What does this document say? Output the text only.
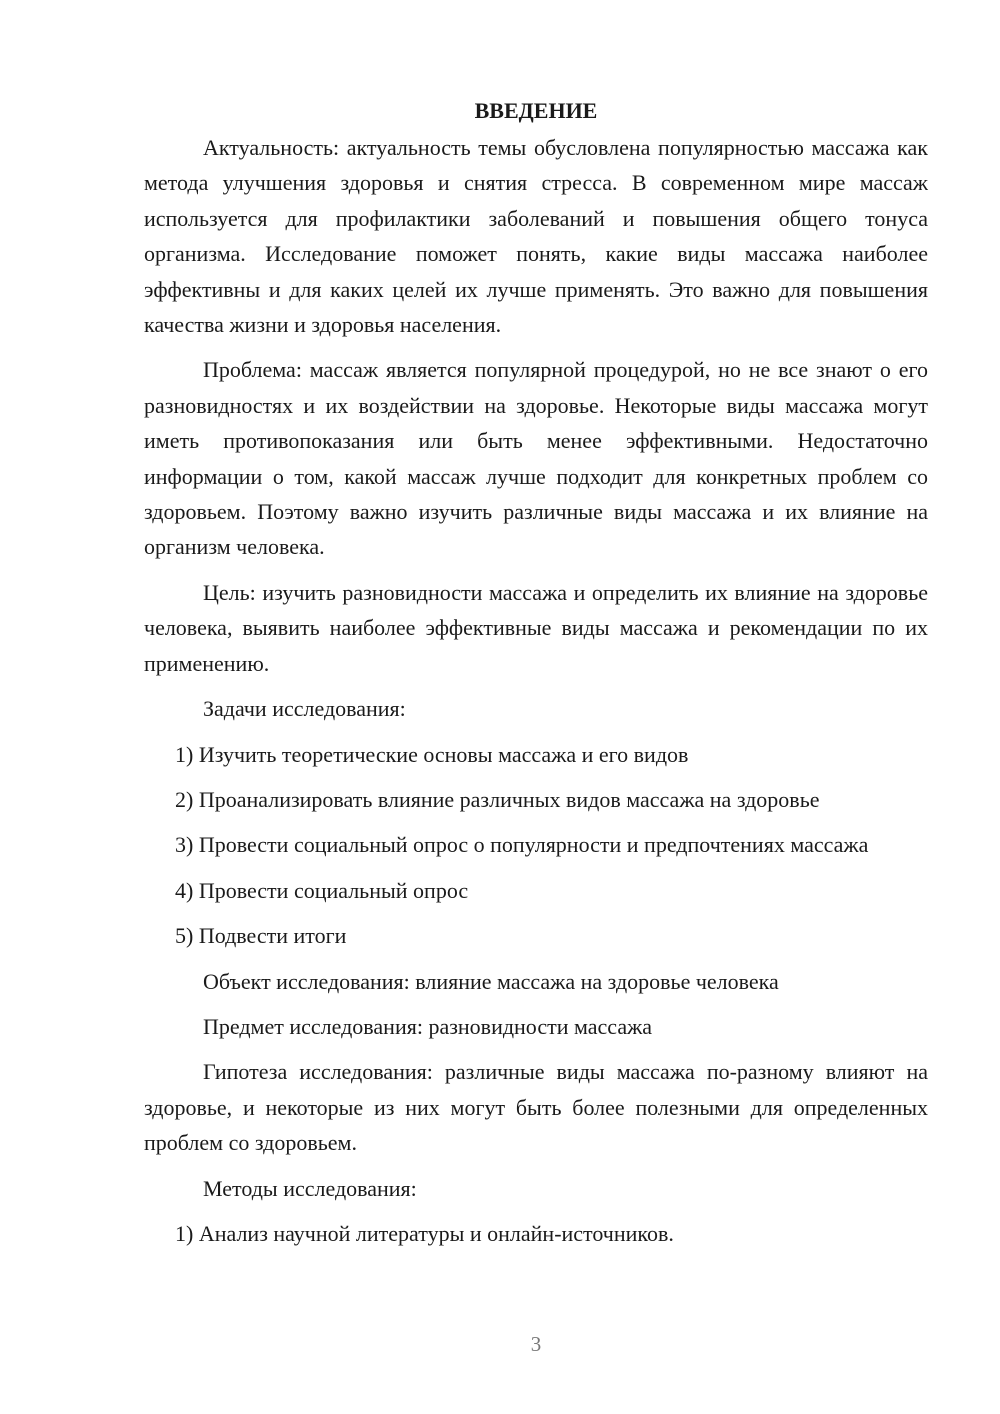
ВВЕДЕНИЕ

Актуальность: актуальность темы обусловлена популярностью массажа как метода улучшения здоровья и снятия стресса. В современном мире массаж используется для профилактики заболеваний и повышения общего тонуса организма. Исследование поможет понять, какие виды массажа наиболее эффективны и для каких целей их лучше применять. Это важно для повышения качества жизни и здоровья населения.

Проблема: массаж является популярной процедурой, но не все знают о его разновидностях и их воздействии на здоровье. Некоторые виды массажа могут иметь противопоказания или быть менее эффективными. Недостаточно информации о том, какой массаж лучше подходит для конкретных проблем со здоровьем. Поэтому важно изучить различные виды массажа и их влияние на организм человека.

Цель: изучить разновидности массажа и определить их влияние на здоровье человека, выявить наиболее эффективные виды массажа и рекомендации по их применению.

Задачи исследования:

1) Изучить теоретические основы массажа и его видов

2) Проанализировать влияние различных видов массажа на здоровье

3) Провести социальный опрос о популярности и предпочтениях массажа

4) Провести социальный опрос

5) Подвести итоги

Объект исследования: влияние массажа на здоровье человека

Предмет исследования: разновидности массажа

Гипотеза исследования: различные виды массажа по-разному влияют на здоровье, и некоторые из них могут быть более полезными для определенных проблем со здоровьем.

Методы исследования:

1) Анализ научной литературы и онлайн-источников.

3
